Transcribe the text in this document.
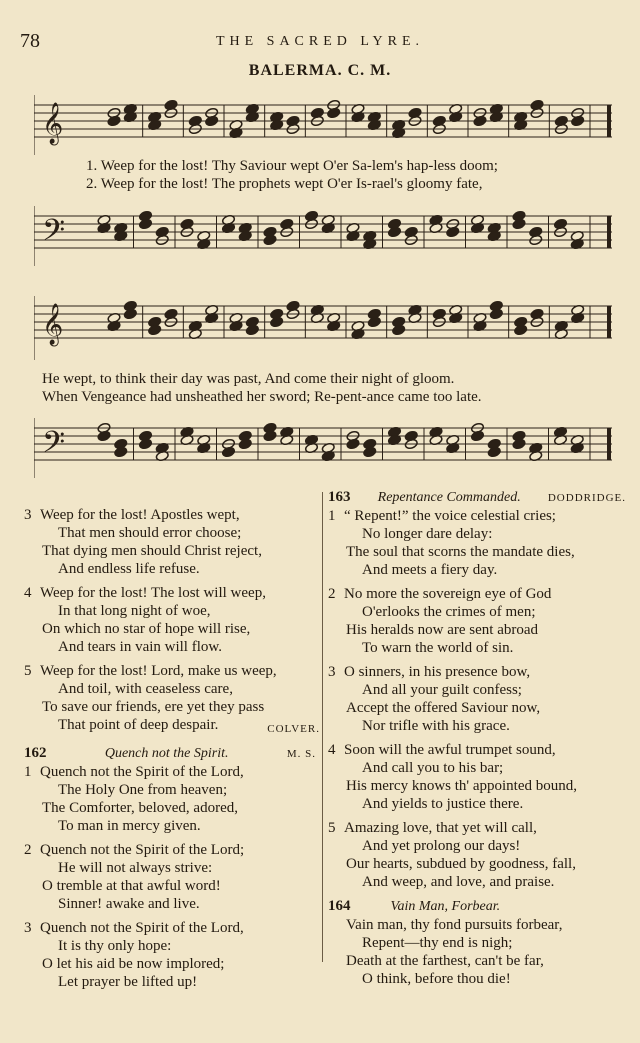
78	THE SACRED LYRE.
BALERMA. C. M.
𝄞
1. Weep for the lost! Thy Saviour wept O'er Sa-lem's hap-less doom;
2. Weep for the lost! The prophets wept O'er Is-rael's gloomy fate,
𝄢
𝄞
He wept, to think their day was past, And come their night of gloom.
When Vengeance had unsheathed her sword; Re-pent-ance came too late.
𝄢
3 Weep for the lost! Apostles wept,
That men should error choose;
That dying men should Christ reject,
And endless life refuse.
4 Weep for the lost! The lost will weep,
In that long night of woe,
On which no star of hope will rise,
And tears in vain will flow.
5 Weep for the lost! Lord, make us weep,
And toil, with ceaseless care,
To save our friends, ere yet they pass
That point of deep despair.	COLVER.
162	Quench not the Spirit.	M. S.
1 Quench not the Spirit of the Lord,
The Holy One from heaven;
The Comforter, beloved, adored,
To man in mercy given.
2 Quench not the Spirit of the Lord;
He will not always strive:
O tremble at that awful word!
Sinner! awake and live.
3 Quench not the Spirit of the Lord,
It is thy only hope:
O let his aid be now implored;
Let prayer be lifted up!
163 Repentance Commanded. DODDRIDGE.
1 “ Repent!” the voice celestial cries;
No longer dare delay:
The soul that scorns the mandate dies,
And meets a fiery day.
2 No more the sovereign eye of God
O'erlooks the crimes of men;
His heralds now are sent abroad
To warn the world of sin.
3 O sinners, in his presence bow,
And all your guilt confess;
Accept the offered Saviour now,
Nor trifle with his grace.
4 Soon will the awful trumpet sound,
And call you to his bar;
His mercy knows th' appointed bound,
And yields to justice there.
5 Amazing love, that yet will call,
And yet prolong our days!
Our hearts, subdued by goodness, fall,
And weep, and love, and praise.
164	Vain Man, Forbear.
Vain man, thy fond pursuits forbear,
Repent—thy end is nigh;
Death at the farthest, can't be far,
O think, before thou die!
